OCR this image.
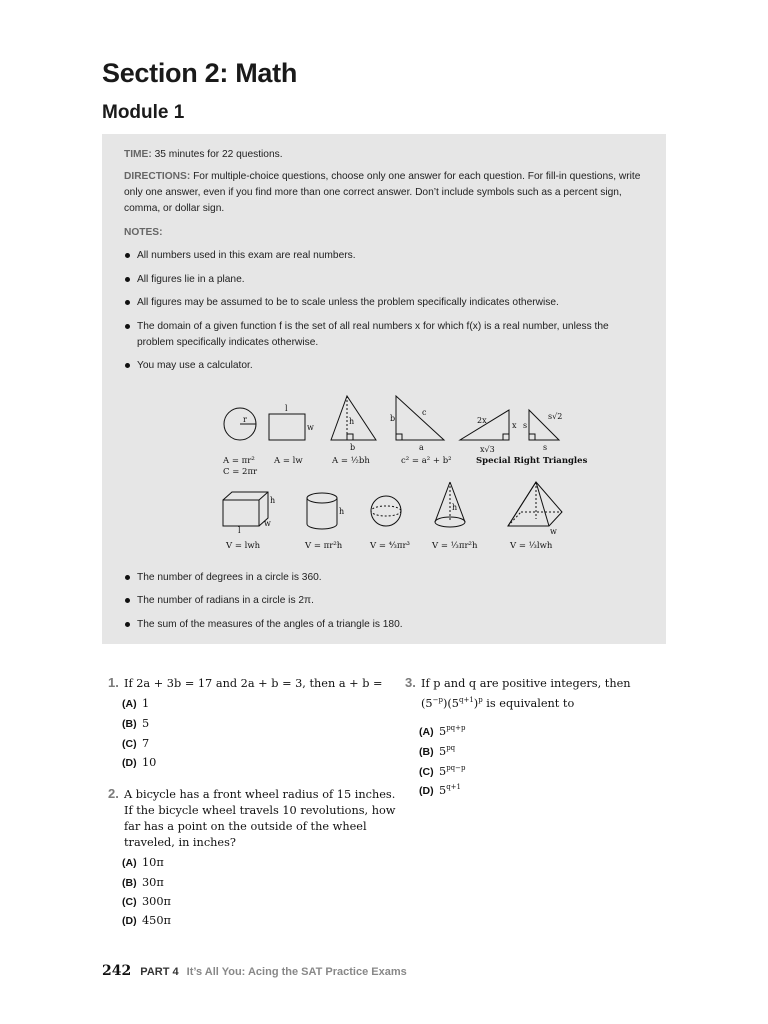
Section 2: Math
Module 1
TIME: 35 minutes for 22 questions.
DIRECTIONS: For multiple-choice questions, choose only one answer for each question. For fill-in questions, write only one answer, even if you find more than one correct answer. Don’t include symbols such as a percent sign, comma, or dollar sign.
NOTES:
All numbers used in this exam are real numbers.
All figures lie in a plane.
All figures may be assumed to be to scale unless the problem specifically indicates otherwise.
The domain of a given function f is the set of all real numbers x for which f(x) is a real number, unless the problem specifically indicates otherwise.
You may use a calculator.
r
l
w
h
b
b
c
a
2x
x
x√3
s√2
s
s
h
l
w
h	h
w
A = πr²
C = 2πr
A = lw	A = ½bh	c² = a² + b²	Special Right Triangles
V = lwh	V = πr²h	V = ⁴⁄₃πr³	V = ⅓πr²h	V = ⅓lwh
The number of degrees in a circle is 360.
The number of radians in a circle is 2π.
The sum of the measures of the angles of a triangle is 180.
1. If 2a + 3b = 17 and 2a + b = 3, then a + b =
(A) 1
(B) 5
(C) 7
(D) 10
2. A bicycle has a front wheel radius of 15 inches.
If the bicycle wheel travels 10 revolutions, how
far has a point on the outside of the wheel
traveled, in inches?
(A) 10π
(B) 30π
(C) 300π
(D) 450π
3. If p and q are positive integers, then
$(5^{-p})(5^{q+1})^p$ is equivalent to
(A) $5^{pq+p}$
(B) $5^{pq}$
(C) $5^{pq-p}$
(D) $5^{q+1}$
242 PART 4 It’s All You: Acing the SAT Practice Exams
